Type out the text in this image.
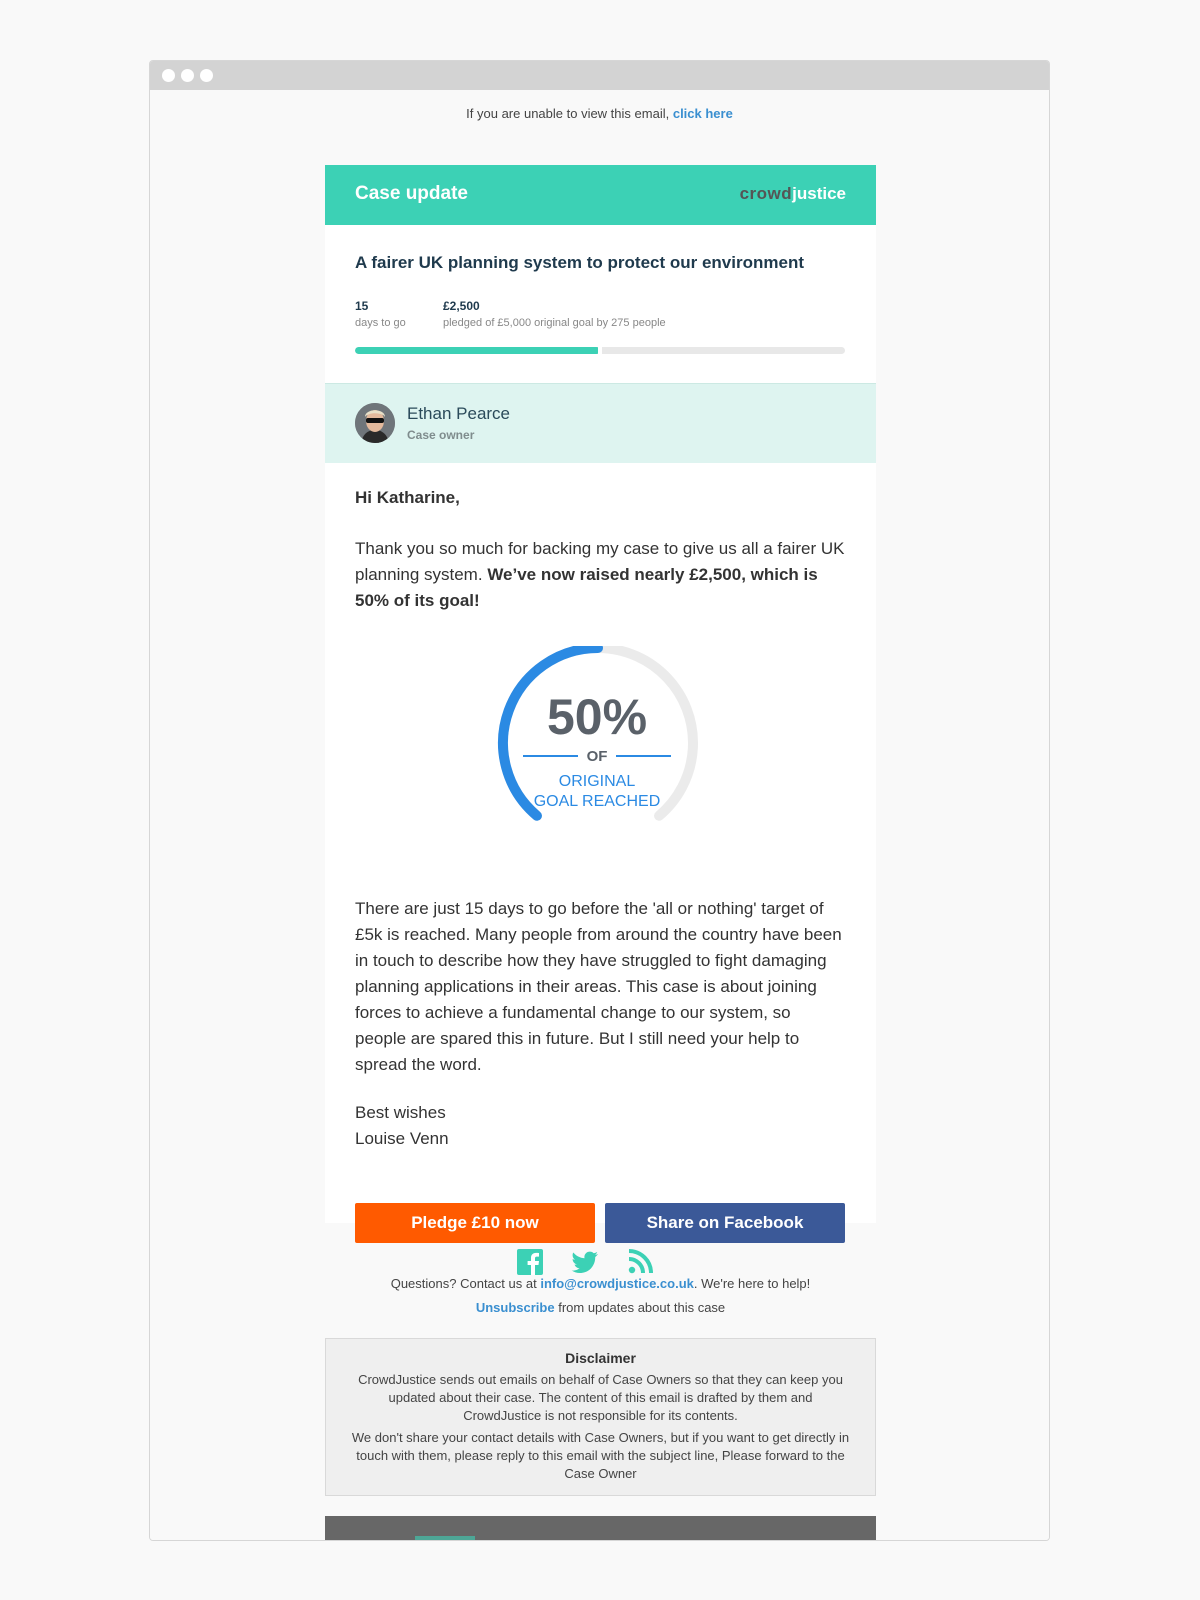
If you are unable to view this email, click here
Case update	crowdjustice
A fairer UK planning system to protect our environment
15
days to go
£2,500
pledged of £5,000 original goal by 275 people
Ethan Pearce
Case owner
Hi Katharine,
Thank you so much for backing my case to give us all a fairer UK planning system. We’ve now raised nearly £2,500, which is 50% of its goal!
50%
OF
ORIGINAL
GOAL REACHED
There are just 15 days to go before the 'all or nothing' target of £5k is reached. Many people from around the country have been in touch to describe how they have struggled to fight damaging planning applications in their areas. This case is about joining forces to achieve a fundamental change to our system, so people are spared this in future. But I still need your help to spread the word.
Best wishes
Louise Venn
Pledge £10 now	Share on Facebook
Questions? Contact us at info@crowdjustice.co.uk. We're here to help!
Unsubscribe from updates about this case
Disclaimer

CrowdJustice sends out emails on behalf of Case Owners so that they can keep you updated about their case. The content of this email is drafted by them and CrowdJustice is not responsible for its contents.

We don't share your contact details with Case Owners, but if you want to get directly in touch with them, please reply to this email with the subject line, Please forward to the Case Owner
